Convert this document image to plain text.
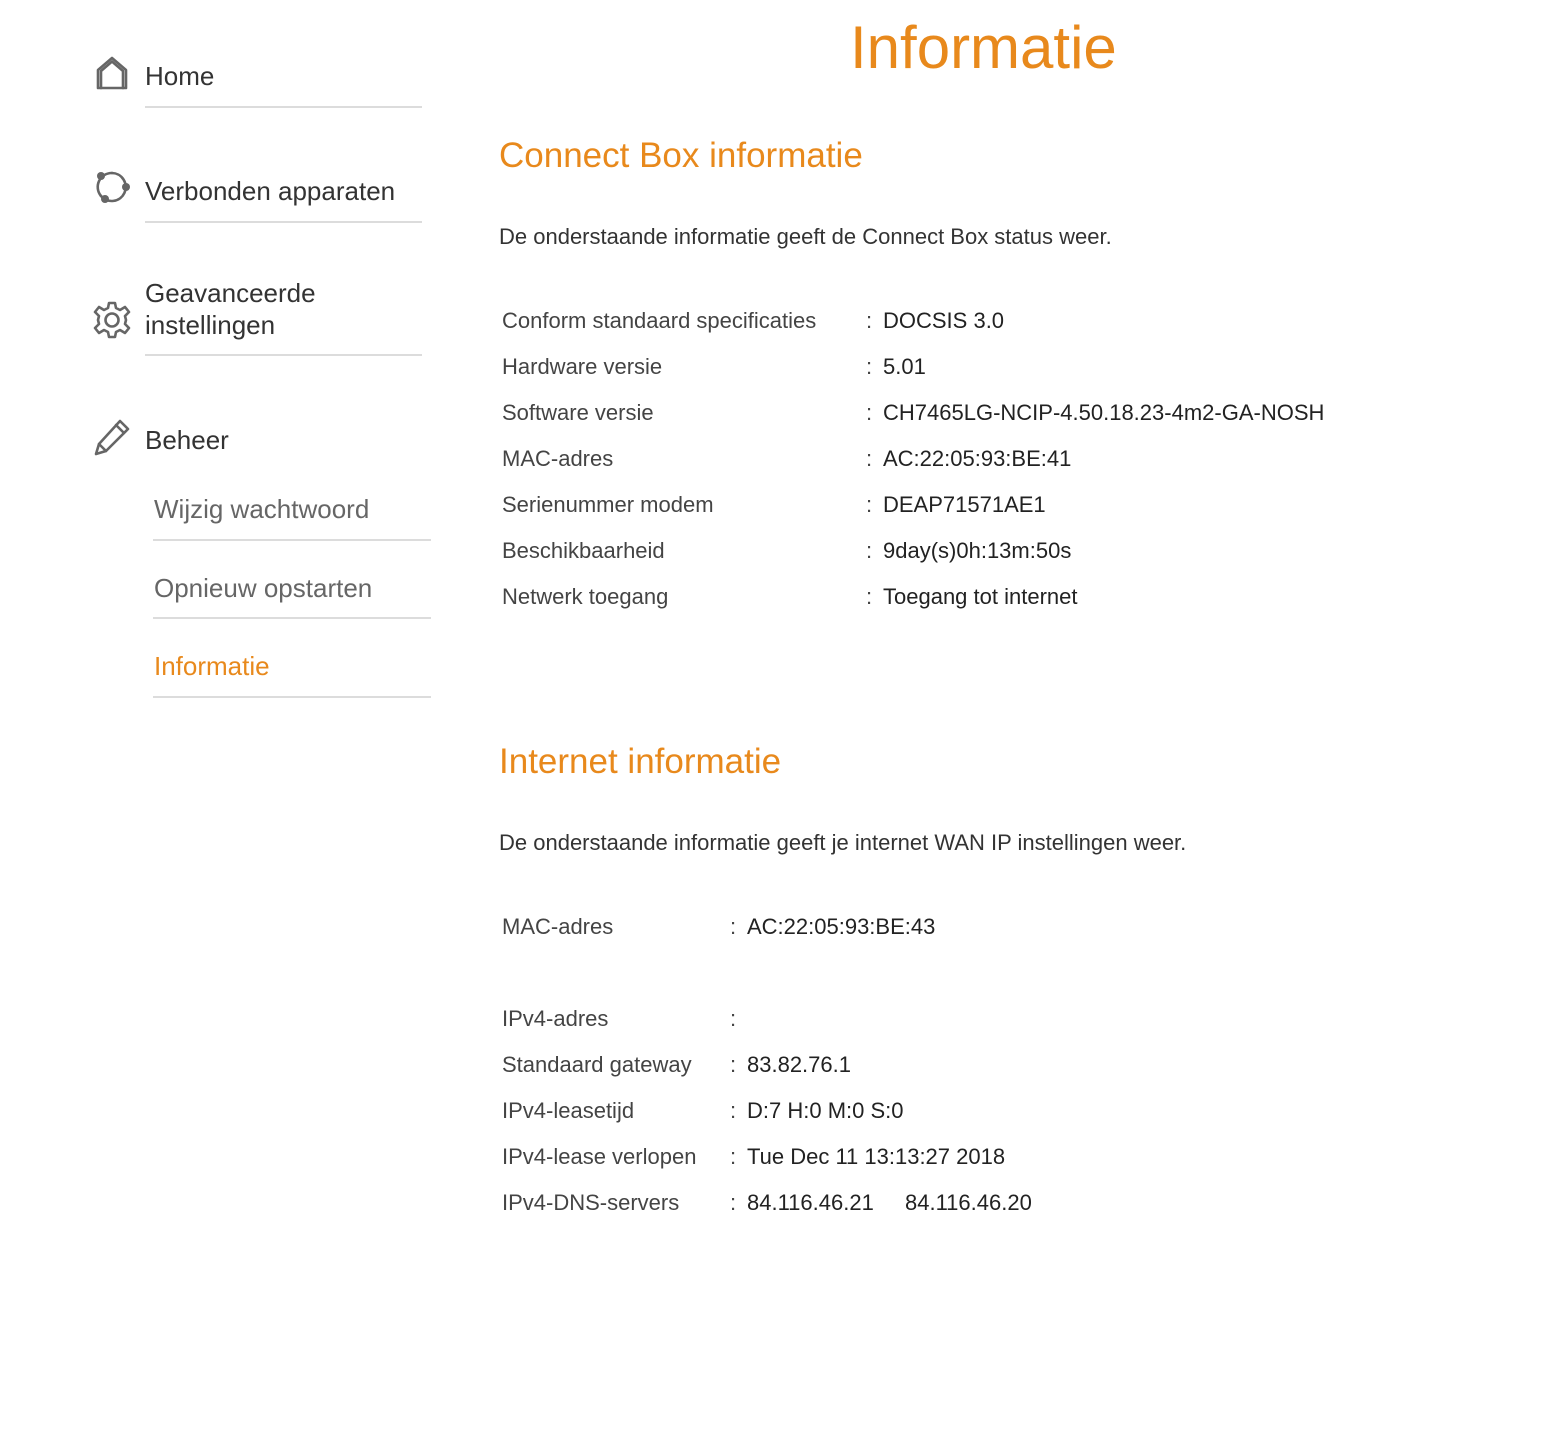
Informatie
Home
Verbonden apparaten
Geavanceerde
instellingen
Beheer
Wijzig wachtwoord
Opnieuw opstarten
Informatie
Connect Box informatie
De onderstaande informatie geeft de Connect Box status weer.
Conform standaard specificaties : DOCSIS 3.0
Hardware versie	: 5.01
Software versie	: CH7465LG-NCIP-4.50.18.23-4m2-GA-NOSH
MAC-adres	: AC:22:05:93:BE:41
Serienummer modem	: DEAP71571AE1
Beschikbaarheid	: 9day(s)0h:13m:50s
Netwerk toegang	: Toegang tot internet
Internet informatie
De onderstaande informatie geeft je internet WAN IP instellingen weer.
MAC-adres	: AC:22:05:93:BE:43
IPv4-adres	:
Standaard gateway : 83.82.76.1
IPv4-leasetijd	: D:7 H:0 M:0 S:0
IPv4-lease verlopen : Tue Dec 11 13:13:27 2018
IPv4-DNS-servers : 84.116.46.21 84.116.46.20
